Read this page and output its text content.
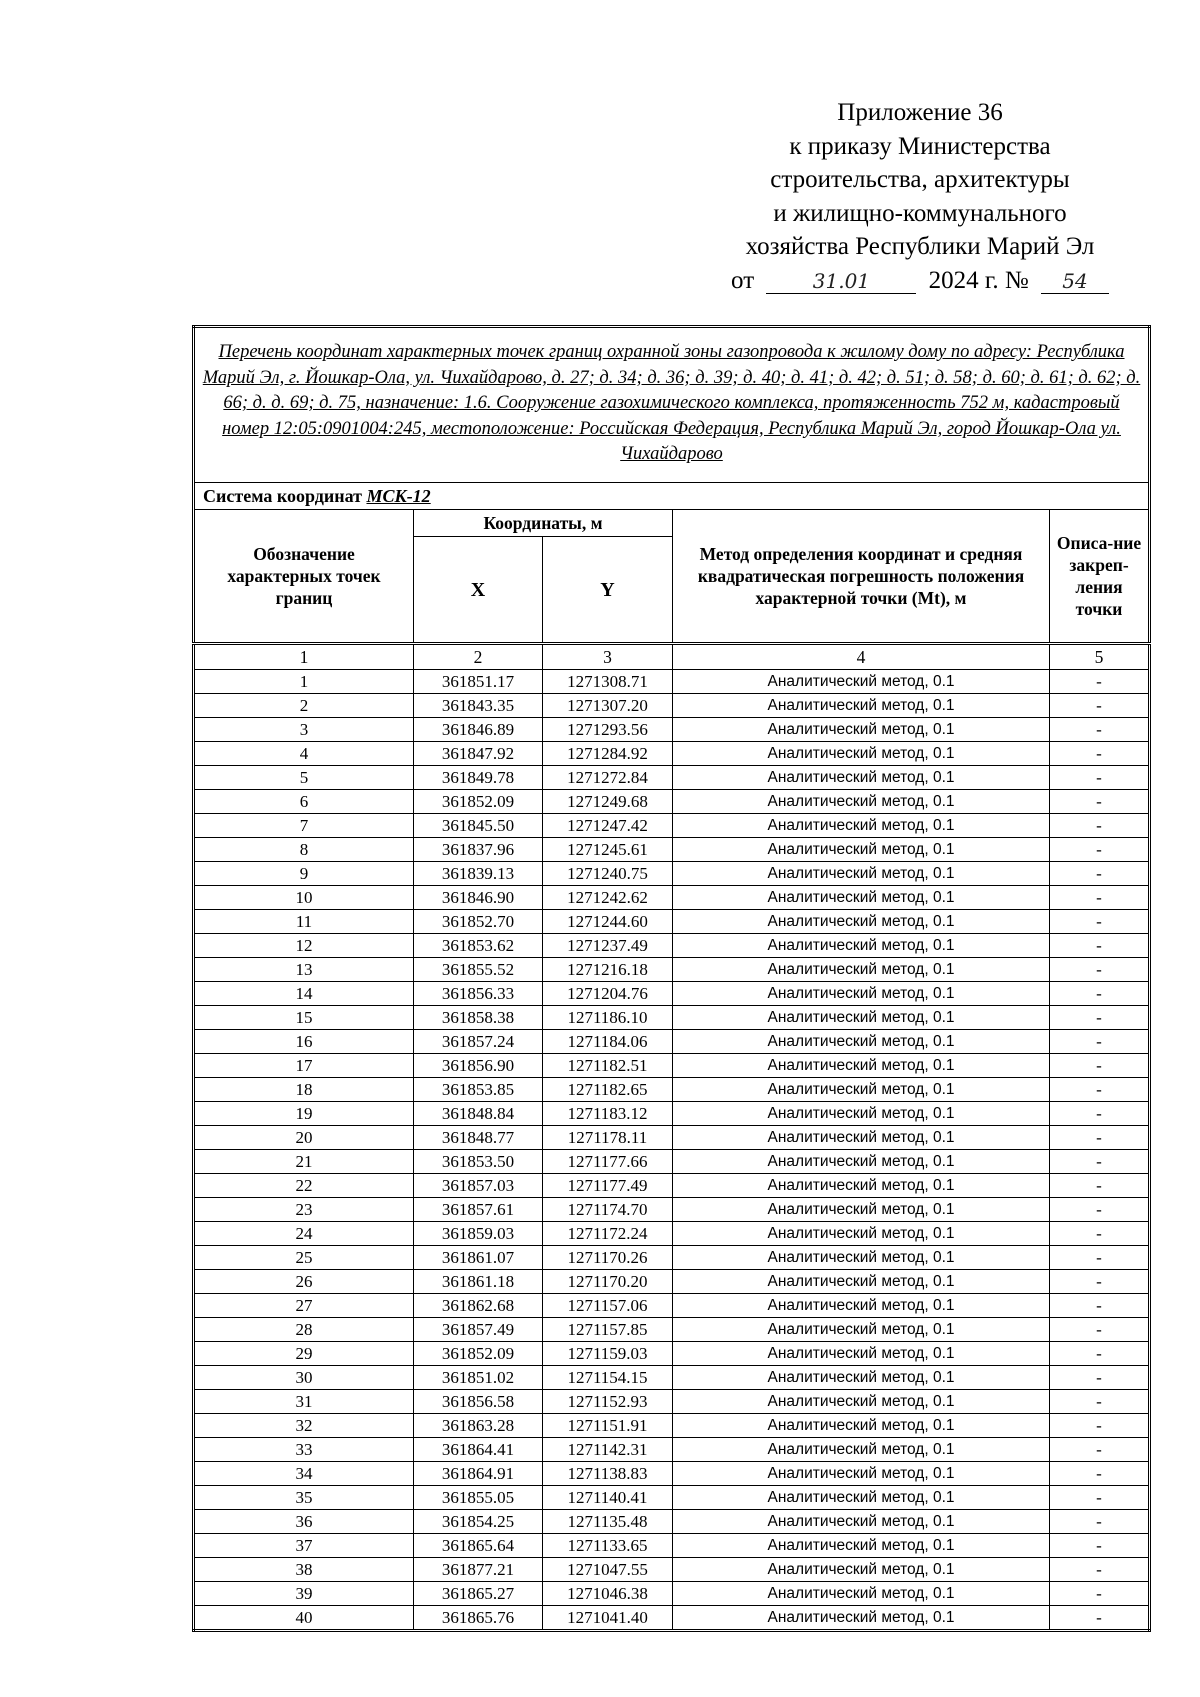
Приложение 36
к приказу Министерства
строительства, архитектуры
и жилищно-коммунального
хозяйства Республики Марий Эл
от	31.01 2024 г. № 54
Перечень координат характерных точек границ охранной зоны газопровода к жилому дому по адресу: Республика Марий Эл, г. Йошкар-Ола, ул. Чихайдарово, д. 27; д. 34; д. 36; д. 39; д. 40; д. 41; д. 42; д. 51; д. 58; д. 60; д. 61; д. 62; д. 66; д. д. 69; д. 75, назначение: 1.6. Сооружение газохимического комплекса, протяженность 752 м, кадастровый номер 12:05:0901004:245, местоположение: Российская Федерация, Республика Марий Эл, город Йошкар-Ола ул. Чихайдарово				
Система координат МСК-12				
Обозначение характерных точек границ	Координаты, м		Метод определения координат и средняя квадратическая погрешность положения характерной точки (Mt), м	Описа-ние закреп-ления точки
	X	Y		
1	2	3	4	5
1	361851.17	1271308.71	Аналитический метод, 0.1	-
2	361843.35	1271307.20	Аналитический метод, 0.1	-
3	361846.89	1271293.56	Аналитический метод, 0.1	-
4	361847.92	1271284.92	Аналитический метод, 0.1	-
5	361849.78	1271272.84	Аналитический метод, 0.1	-
6	361852.09	1271249.68	Аналитический метод, 0.1	-
7	361845.50	1271247.42	Аналитический метод, 0.1	-
8	361837.96	1271245.61	Аналитический метод, 0.1	-
9	361839.13	1271240.75	Аналитический метод, 0.1	-
10	361846.90	1271242.62	Аналитический метод, 0.1	-
11	361852.70	1271244.60	Аналитический метод, 0.1	-
12	361853.62	1271237.49	Аналитический метод, 0.1	-
13	361855.52	1271216.18	Аналитический метод, 0.1	-
14	361856.33	1271204.76	Аналитический метод, 0.1	-
15	361858.38	1271186.10	Аналитический метод, 0.1	-
16	361857.24	1271184.06	Аналитический метод, 0.1	-
17	361856.90	1271182.51	Аналитический метод, 0.1	-
18	361853.85	1271182.65	Аналитический метод, 0.1	-
19	361848.84	1271183.12	Аналитический метод, 0.1	-
20	361848.77	1271178.11	Аналитический метод, 0.1	-
21	361853.50	1271177.66	Аналитический метод, 0.1	-
22	361857.03	1271177.49	Аналитический метод, 0.1	-
23	361857.61	1271174.70	Аналитический метод, 0.1	-
24	361859.03	1271172.24	Аналитический метод, 0.1	-
25	361861.07	1271170.26	Аналитический метод, 0.1	-
26	361861.18	1271170.20	Аналитический метод, 0.1	-
27	361862.68	1271157.06	Аналитический метод, 0.1	-
28	361857.49	1271157.85	Аналитический метод, 0.1	-
29	361852.09	1271159.03	Аналитический метод, 0.1	-
30	361851.02	1271154.15	Аналитический метод, 0.1	-
31	361856.58	1271152.93	Аналитический метод, 0.1	-
32	361863.28	1271151.91	Аналитический метод, 0.1	-
33	361864.41	1271142.31	Аналитический метод, 0.1	-
34	361864.91	1271138.83	Аналитический метод, 0.1	-
35	361855.05	1271140.41	Аналитический метод, 0.1	-
36	361854.25	1271135.48	Аналитический метод, 0.1	-
37	361865.64	1271133.65	Аналитический метод, 0.1	-
38	361877.21	1271047.55	Аналитический метод, 0.1	-
39	361865.27	1271046.38	Аналитический метод, 0.1	-
40	361865.76	1271041.40	Аналитический метод, 0.1	-
